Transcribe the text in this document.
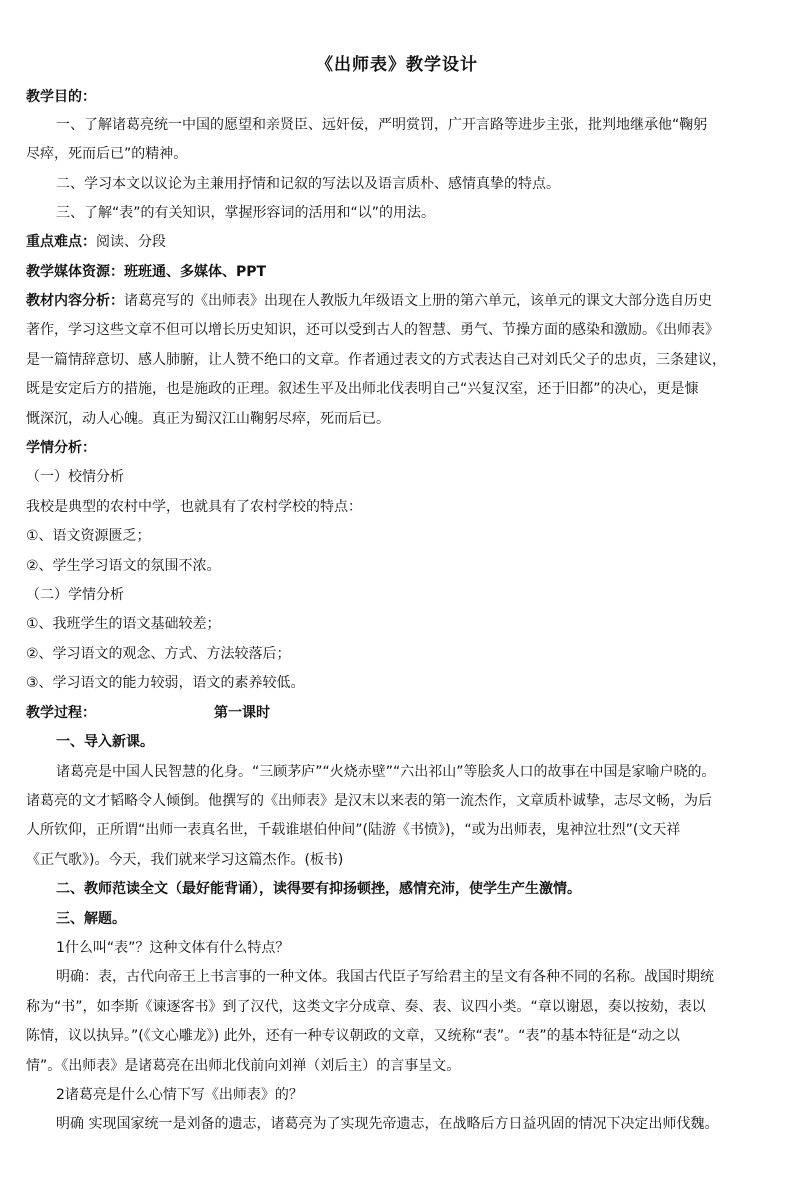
《出师表》教学设计
教学目的：
一、了解诸葛亮统一中国的愿望和亲贤臣、远奸佞，严明赏罚，广开言路等进步主张，批判地继承他“鞠躬
尽瘁，死而后已”的精神。
二、学习本文以议论为主兼用抒情和记叙的写法以及语言质朴、感情真挚的特点。
三、了解“表”的有关知识，掌握形容词的活用和“以”的用法。
重点难点：阅读、分段
教学媒体资源：班班通、多媒体、PPT
教材内容分析：诸葛亮写的《出师表》出现在人教版九年级语文上册的第六单元，该单元的课文大部分选自历史
著作，学习这些文章不但可以增长历史知识，还可以受到古人的智慧、勇气、节操方面的感染和激励。《出师表》
是一篇情辞意切、感人肺腑，让人赞不绝口的文章。作者通过表文的方式表达自己对刘氏父子的忠贞，三条建议，
既是安定后方的措施，也是施政的正理。叙述生平及出师北伐表明自己“兴复汉室，还于旧都”的决心，更是慷
慨深沉，动人心魄。真正为蜀汉江山鞠躬尽瘁，死而后已。
学情分析：
（一）校情分析
我校是典型的农村中学，也就具有了农村学校的特点：
①、语文资源匮乏；
②、学生学习语文的氛围不浓。
（二）学情分析
①、我班学生的语文基础较差；
②、学习语文的观念、方式、方法较落后；
③、学习语文的能力较弱，语文的素养较低。
教学过程：	第一课时
一、导入新课。
诸葛亮是中国人民智慧的化身。“三顾茅庐”“火烧赤壁”“六出祁山”等脍炙人口的故事在中国是家喻户晓的。
诸葛亮的文才韬略令人倾倒。他撰写的《出师表》是汉末以来表的第一流杰作，文章质朴诚挚，志尽文畅，为后
人所钦仰，正所谓“出师一表真名世，千载谁堪伯仲间”(陆游《书愤》)，“或为出师表，鬼神泣壮烈”(文天祥
《正气歌》)。今天，我们就来学习这篇杰作。(板书)
二、教师范读全文（最好能背诵），读得要有抑扬顿挫，感情充沛，使学生产生激情。
三、解题。
1什么叫“表”？这种文体有什么特点？
明确：表，古代向帝王上书言事的一种文体。我国古代臣子写给君主的呈文有各种不同的名称。战国时期统
称为“书”，如李斯《谏逐客书》到了汉代，这类文字分成章、奏、表、议四小类。“章以谢恩，奏以按劾，表以
陈情，议以执异。”(《文心雕龙》) 此外，还有一种专议朝政的文章，又统称“表”。“表”的基本特征是“动之以
情”。《出师表》是诸葛亮在出师北伐前向刘禅（刘后主）的言事呈文。
2诸葛亮是什么心情下写《出师表》的？
明确 实现国家统一是刘备的遗志，诸葛亮为了实现先帝遗志，在战略后方日益巩固的情况下决定出师伐魏。
